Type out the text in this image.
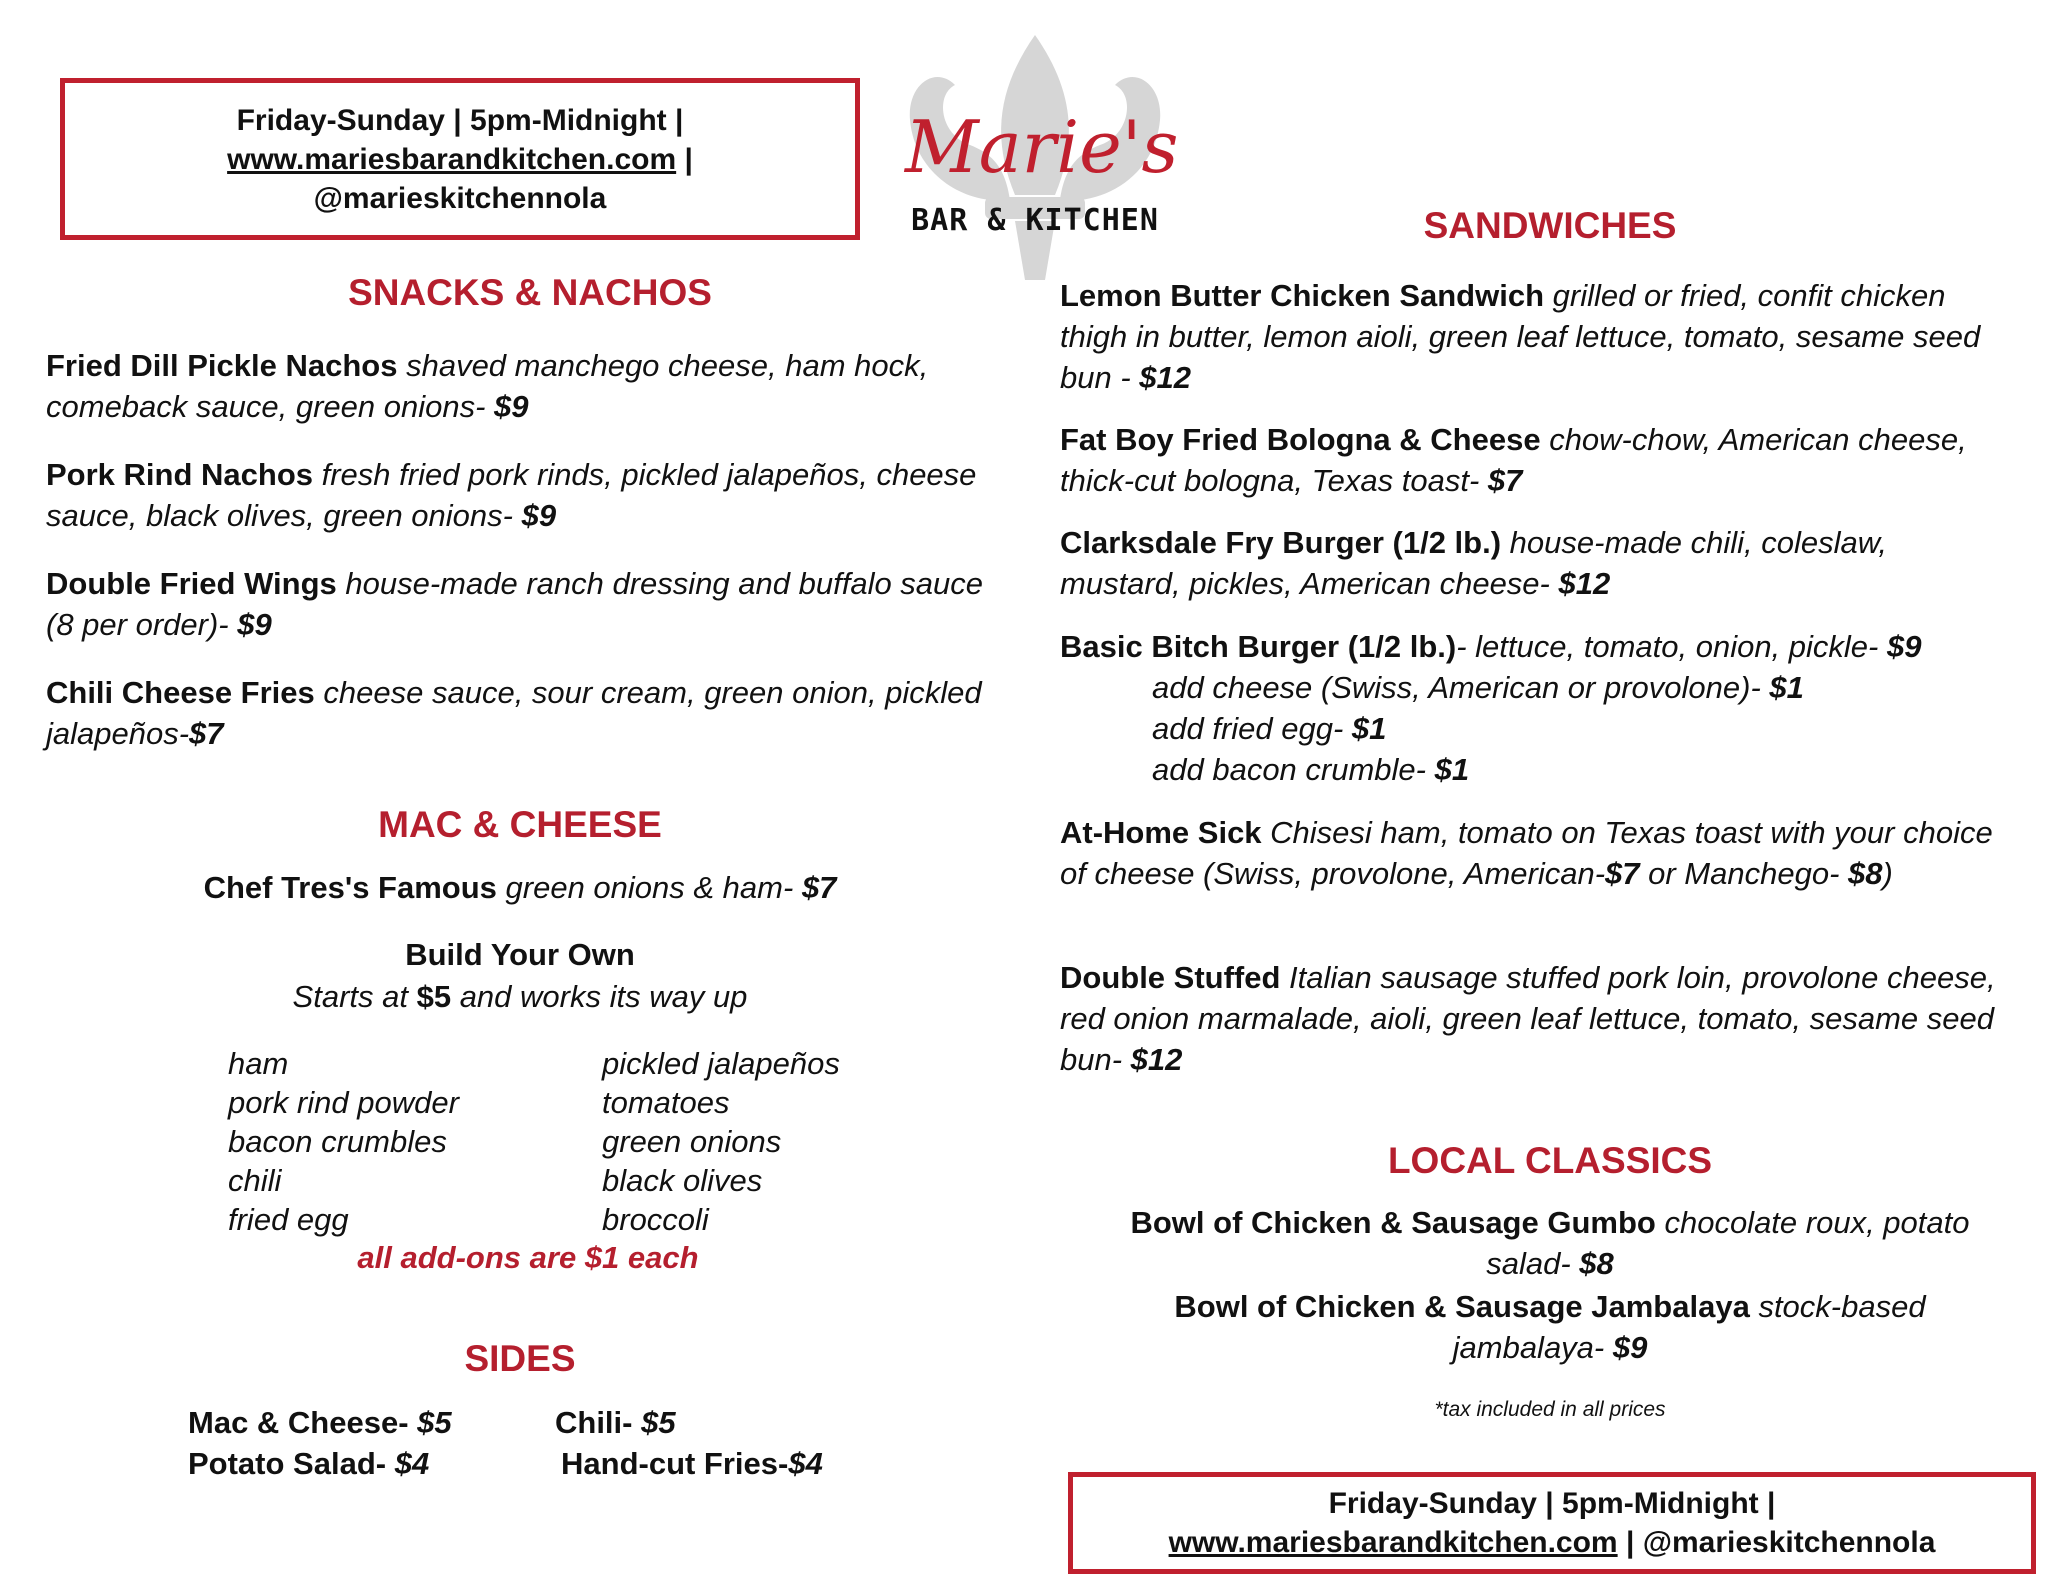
Friday-Sunday | 5pm-Midnight |
www.mariesbarandkitchen.com |
@marieskitchennola
Marie's
BAR & KITCHEN
SNACKS & NACHOS
Fried Dill Pickle Nachos shaved manchego cheese, ham hock, comeback sauce, green onions- $9
Pork Rind Nachos fresh fried pork rinds, pickled jalapeños, cheese sauce, black olives, green onions- $9
Double Fried Wings house-made ranch dressing and buffalo sauce (8 per order)- $9
Chili Cheese Fries cheese sauce, sour cream, green onion, pickled jalapeños-$7
MAC & CHEESE
Chef Tres's Famous green onions & ham- $7
Build Your Own
Starts at $5 and works its way up
ham
pork rind powder
bacon crumbles
chili
fried egg
pickled jalapeños
tomatoes
green onions
black olives
broccoli
all add-ons are $1 each
SIDES
Mac & Cheese- $5	Chili- $5
Potato Salad- $4	Hand-cut Fries-$4
SANDWICHES
Lemon Butter Chicken Sandwich grilled or fried, confit chicken thigh in butter, lemon aioli, green leaf lettuce, tomato, sesame seed bun - $12
Fat Boy Fried Bologna & Cheese chow-chow, American cheese, thick-cut bologna, Texas toast- $7
Clarksdale Fry Burger (1/2 lb.) house-made chili, coleslaw, mustard, pickles, American cheese- $12
Basic Bitch Burger (1/2 lb.)- lettuce, tomato, onion, pickle- $9
add cheese (Swiss, American or provolone)- $1
add fried egg- $1
add bacon crumble- $1
At-Home Sick Chisesi ham, tomato on Texas toast with your choice of cheese (Swiss, provolone, American-$7 or Manchego- $8)
Double Stuffed Italian sausage stuffed pork loin, provolone cheese, red onion marmalade, aioli, green leaf lettuce, tomato, sesame seed bun- $12
LOCAL CLASSICS
Bowl of Chicken & Sausage Gumbo chocolate roux, potato salad- $8
Bowl of Chicken & Sausage Jambalaya stock-based jambalaya- $9
*tax included in all prices
Friday-Sunday | 5pm-Midnight |
www.mariesbarandkitchen.com | @marieskitchennola
